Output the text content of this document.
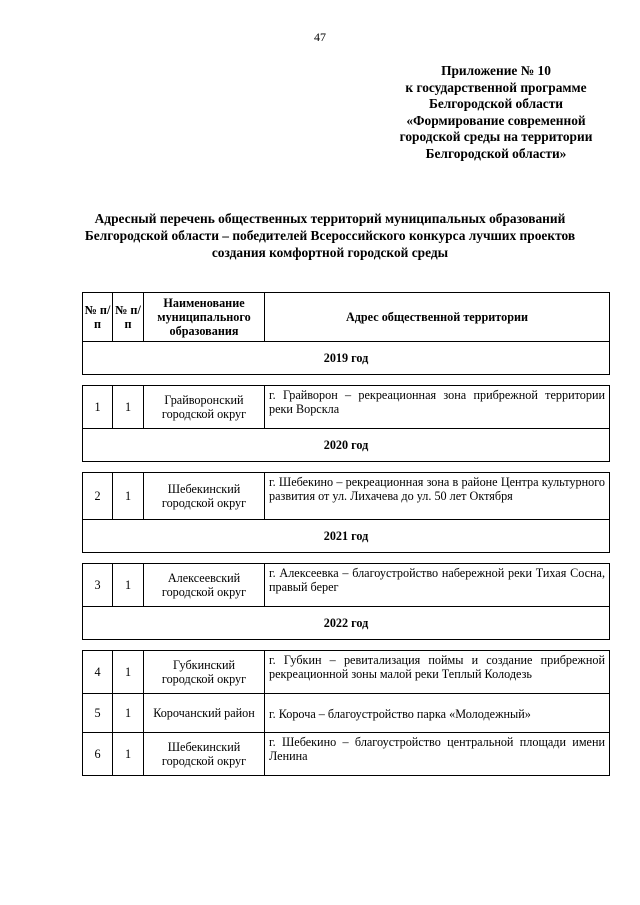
47
Приложение № 10
к государственной программе
Белгородской области
«Формирование современной
городской среды на территории
Белгородской области»
Адресный перечень общественных территорий муниципальных образований
Белгородской области – победителей Всероссийского конкурса лучших проектов
создания комфортной городской среды
№ п/п	№ п/п	Наименование муниципального образования	Адрес общественной территории
2019 год			

1	1	Грайворонский городской округ	г. Грайворон – рекреационная зона прибрежной территории реки Ворскла
2020 год			

2	1	Шебекинский городской округ	г. Шебекино – рекреационная зона в районе Центра культурного развития от ул. Лихачева до ул. 50 лет Октября
2021 год			

3	1	Алексеевский городской округ	г. Алексеевка – благоустройство набережной реки Тихая Сосна, правый берег
2022 год			

4	1	Губкинский городской округ	г. Губкин – ревитализация поймы и создание прибрежной рекреационной зоны малой реки Теплый Колодезь
5	1	Корочанский район	г. Короча – благоустройство парка «Молодежный»
6	1	Шебекинский городской округ	г. Шебекино – благоустройство центральной площади имени Ленина
